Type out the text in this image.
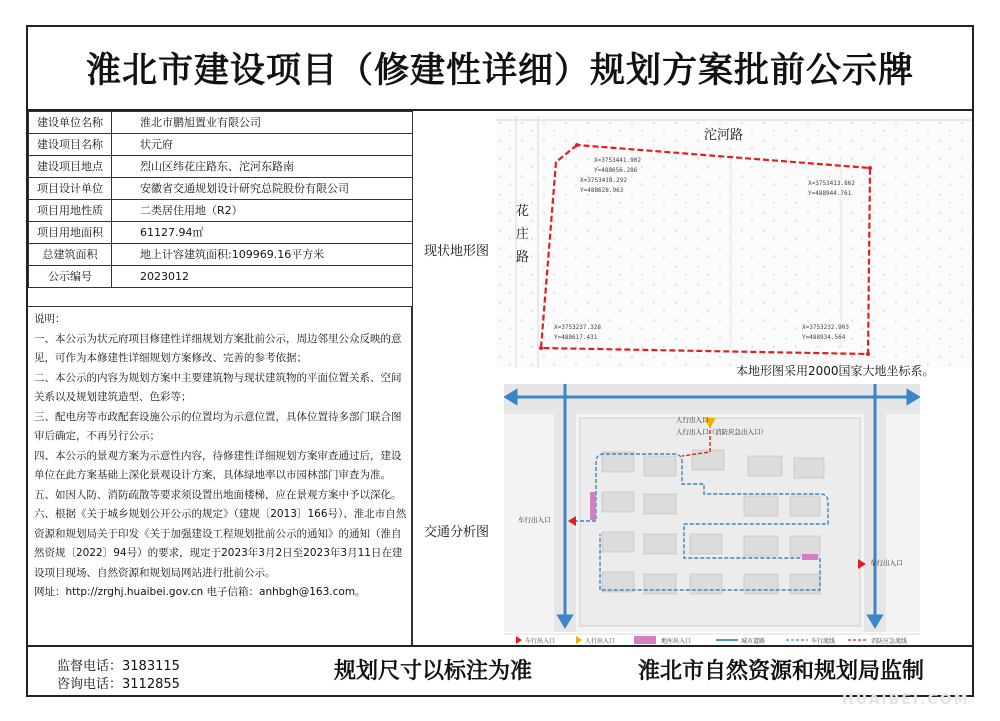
淮北市建设项目（修建性详细）规划方案批前公示牌
建设单位名称	淮北市鹏旭置业有限公司
建设项目名称	状元府
建设项目地点	烈山区纬花庄路东、沱河东路南
项目设计单位	安徽省交通规划设计研究总院股份有限公司
项目用地性质	二类居住用地（R2）
项目用地面积	61127.94㎡
总建筑面积	地上计容建筑面积:109969.16平方米
公示编号	2023012

说明：

一、本公示为状元府项目修建性详细规划方案批前公示，周边邻里公众反映的意见，可作为本修建性详细规划方案修改、完善的参考依据；

二、本公示的内容为规划方案中主要建筑物与现状建筑物的平面位置关系、空间关系以及规划建筑造型、色彩等；

三、配电房等市政配套设施公示的位置均为示意位置，具体位置待多部门联合图审后确定，不再另行公示；

四、本公示的景观方案为示意性内容，待修建性详细规划方案审查通过后，建设单位在此方案基础上深化景观设计方案，具体绿地率以市园林部门审查为准。

五、如因人防、消防疏散等要求须设置出地面楼梯，应在景观方案中予以深化。

六、根据《关于城乡规划公开公示的规定》（建规〔2013〕166号）、淮北市自然资源和规划局关于印发《关于加强建设工程规划批前公示的通知》的通知（淮自然资规〔2022〕94号）的要求，现定于2023年3月2日至2023年3月11日在建设项目现场、自然资源和规划局网站进行批前公示。

网址：http://zrghj.huaibei.gov.cn 电子信箱：anhbgh@163.com。

X=3753441.902
Y=488656.286
X=3753418.292
Y=488628.963
X=3753413.862
Y=488944.761
X=3753237.328
Y=488617.431
X=3753232.903
Y=488934.564
沱河路
花
庄
路
现状地形图
本地形图采用2000国家大地坐标系。
车行出入口	人行出入口	地库出入口	城市道路	车行流线	消防应急流线
人行出入口
人行出入口（消防应急出入口）
车行出入口
车行出入口
交通分析图
监督电话：3183115
咨询电话：3112855
规划尺寸以标注为准	淮北市自然资源和规划局监制
HUAIBEI.COM
